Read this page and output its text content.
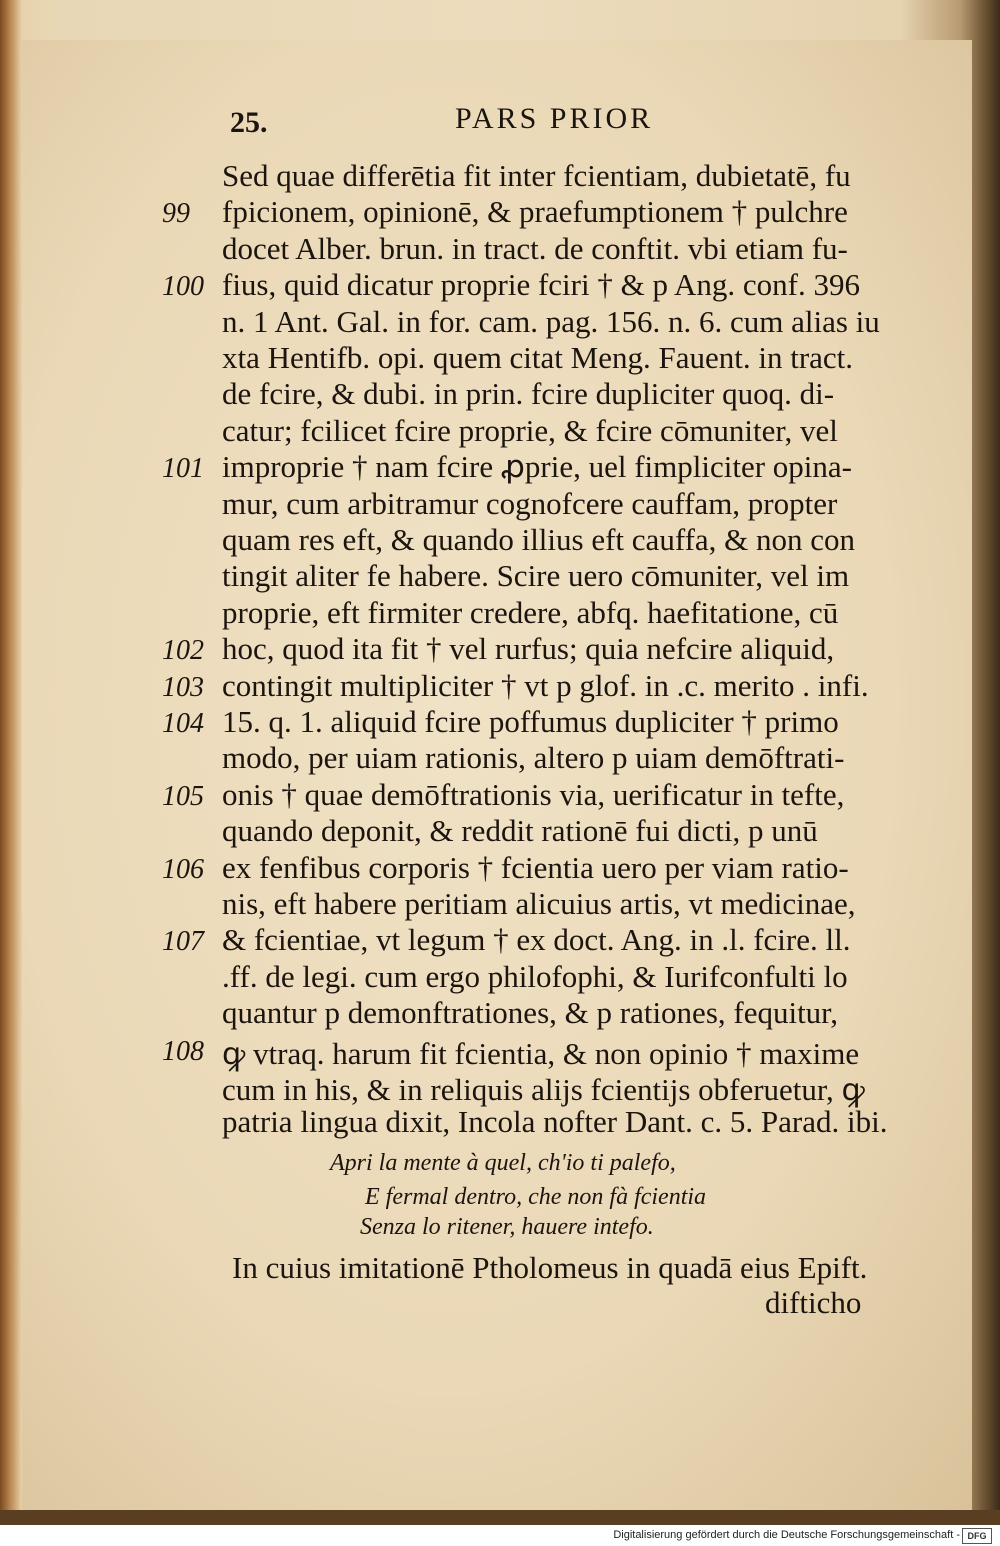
25.	PARS PRIOR
Sed quae differētia fit inter fcientiam, dubietatē, fu
99 fpicionem, opinionē, & praefumptionem † pulchre
docet Alber. brun. in tract. de conftit. vbi etiam fu-
100 fius, quid dicatur proprie fciri † & p Ang. conf. 396
n. 1 Ant. Gal. in for. cam. pag. 156. n. 6. cum alias iu
xta Hentifb. opi. quem citat Meng. Fauent. in tract.
de fcire, & dubi. in prin. fcire dupliciter quoq. di-
catur; fcilicet fcire proprie, & fcire cōmuniter, vel
101 improprie † nam fcire ꝓprie, uel fimpliciter opina-
mur, cum arbitramur cognofcere cauffam, propter
quam res eft, & quando illius eft cauffa, & non con
tingit aliter fe habere. Scire uero cōmuniter, vel im
proprie, eft firmiter credere, abfq. haefitatione, cū
102 hoc, quod ita fit † vel rurfus; quia nefcire aliquid,
103 contingit multipliciter † vt p glof. in .c. merito . infi.
104 15. q. 1. aliquid fcire poffumus dupliciter † primo
modo, per uiam rationis, altero p uiam demōftrati-
105 onis † quae demōftrationis via, uerificatur in tefte,
quando deponit, & reddit rationē fui dicti, p unū
106 ex fenfibus corporis † fcientia uero per viam ratio-
nis, eft habere peritiam alicuius artis, vt medicinae,
107 & fcientiae, vt legum † ex doct. Ang. in .l. fcire. ll.
.ff. de legi. cum ergo philofophi, & Iurifconfulti lo
quantur p demonftrationes, & p rationes, fequitur,
108 ꝙ vtraq. harum fit fcientia, & non opinio † maxime
cum in his, & in reliquis alijs fcientijs obferuetur, ꝙ
patria lingua dixit, Incola nofter Dant. c. 5. Parad. ibi.
Apri la mente à quel, ch'io ti palefo,
E fermal dentro, che non fà fcientia
Senza lo ritener, hauere intefo.
In cuius imitationē Ptholomeus in quadā eius Epift.
difticho
Digitalisierung gefördert durch die Deutsche Forschungsgemeinschaft - DFG
